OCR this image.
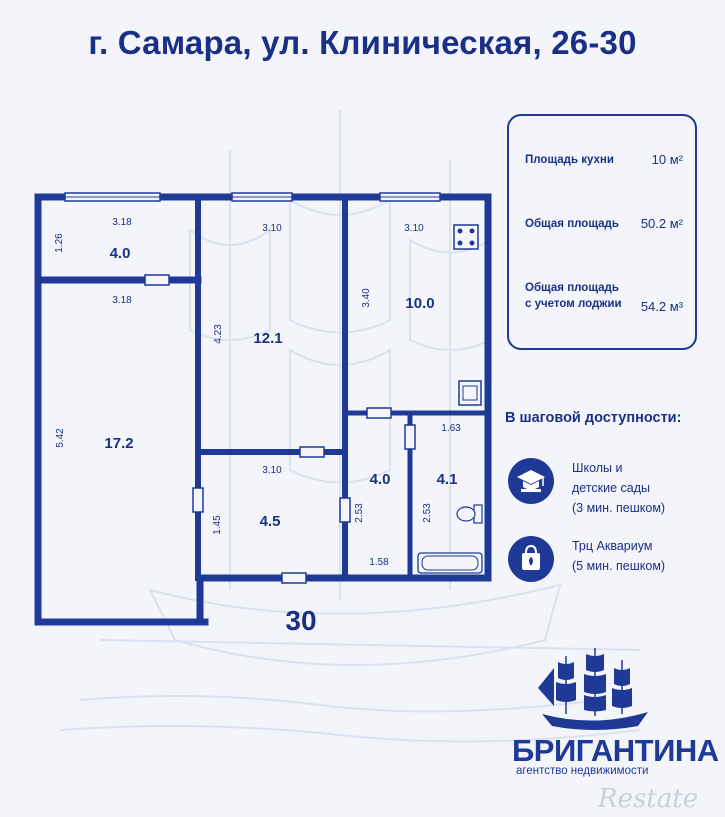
г. Самара, ул. Клиническая, 26-30
4.0
17.2
12.1
10.0
4.5
4.0	4.1
3.18
1.26
3.18
5.42
3.10
4.23
3.10
3.40
3.10
1.45
2.53
1.58
1.63
2.53
30
Площадь кухни	10 м²
Общая площадь 50.2 м²
Общая площадь
с учетом лоджии 54.2 м³
В шаговой доступности:
Школы и
детские сады
(3 мин. пешком)
Трц Аквариум
(5 мин. пешком)
БРИГАНТИНА
агентство недвижимости
Restate
